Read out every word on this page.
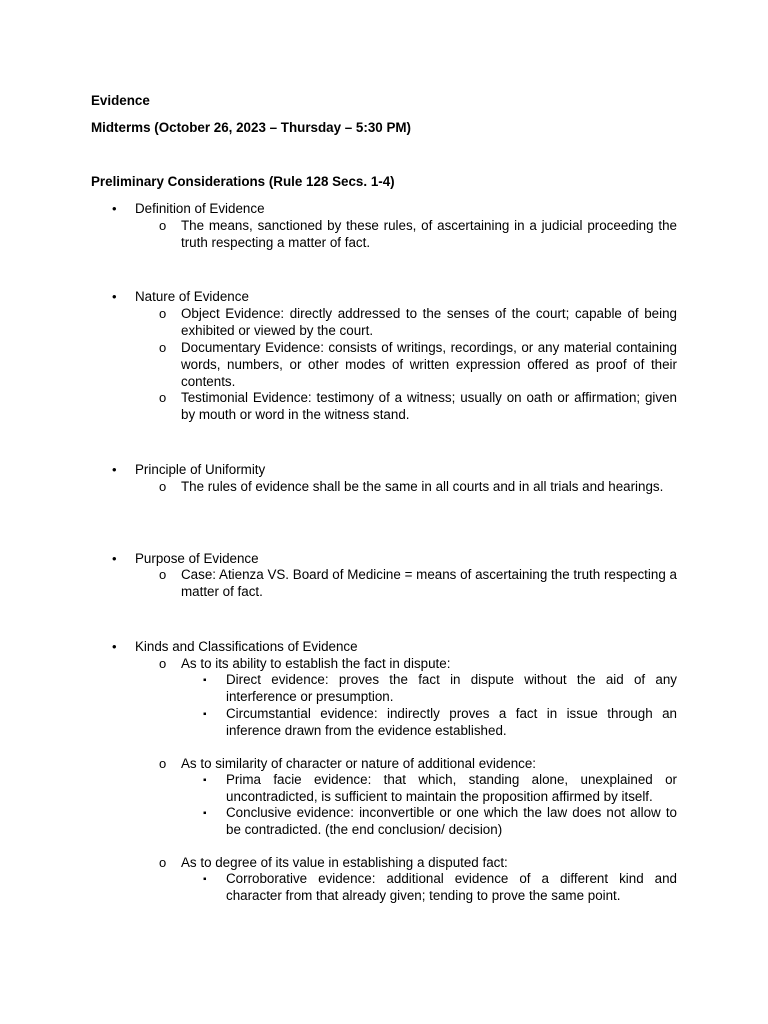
Evidence
Midterms (October 26, 2023 – Thursday – 5:30 PM)
Preliminary Considerations (Rule 128 Secs. 1-4)
• Definition of Evidence
o The means, sanctioned by these rules, of ascertaining in a judicial proceeding the truth respecting a matter of fact.
• Nature of Evidence
o Object Evidence: directly addressed to the senses of the court; capable of being exhibited or viewed by the court.
o Documentary Evidence: consists of writings, recordings, or any material containing words, numbers, or other modes of written expression offered as proof of their contents.
o Testimonial Evidence: testimony of a witness; usually on oath or affirmation; given by mouth or word in the witness stand.
• Principle of Uniformity
o The rules of evidence shall be the same in all courts and in all trials and hearings.
• Purpose of Evidence
o Case: Atienza VS. Board of Medicine = means of ascertaining the truth respecting a matter of fact.
• Kinds and Classifications of Evidence
o As to its ability to establish the fact in dispute:
▪ Direct evidence: proves the fact in dispute without the aid of any interference or presumption.
▪ Circumstantial evidence: indirectly proves a fact in issue through an inference drawn from the evidence established.
o As to similarity of character or nature of additional evidence:
▪ Prima facie evidence: that which, standing alone, unexplained or uncontradicted, is sufficient to maintain the proposition affirmed by itself.
▪ Conclusive evidence: inconvertible or one which the law does not allow to be contradicted. (the end conclusion/ decision)
o As to degree of its value in establishing a disputed fact:
▪ Corroborative evidence: additional evidence of a different kind and character from that already given; tending to prove the same point.
